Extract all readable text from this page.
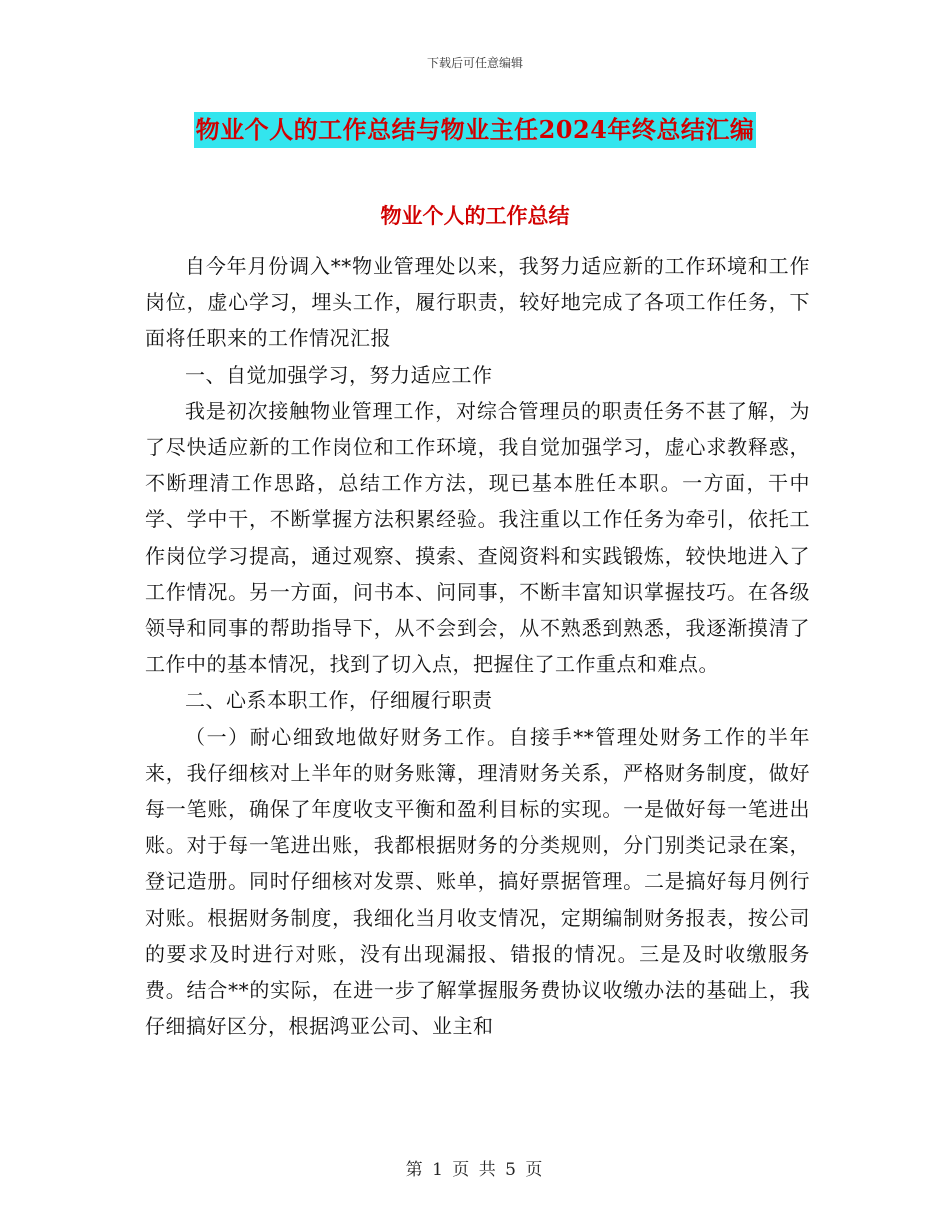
下载后可任意编辑
物业个人的工作总结与物业主任2024年终总结汇编
物业个人的工作总结

自今年月份调入**物业管理处以来，我努力适应新的工作环境和工作岗位，虚心学习，埋头工作，履行职责，较好地完成了各项工作任务，下面将任职来的工作情况汇报

一、自觉加强学习，努力适应工作

我是初次接触物业管理工作，对综合管理员的职责任务不甚了解，为了尽快适应新的工作岗位和工作环境，我自觉加强学习，虚心求教释惑，不断理清工作思路，总结工作方法，现已基本胜任本职。一方面，干中学、学中干，不断掌握方法积累经验。我注重以工作任务为牵引，依托工作岗位学习提高，通过观察、摸索、查阅资料和实践锻炼，较快地进入了工作情况。另一方面，问书本、问同事，不断丰富知识掌握技巧。在各级领导和同事的帮助指导下，从不会到会，从不熟悉到熟悉，我逐渐摸清了工作中的基本情况，找到了切入点，把握住了工作重点和难点。

二、心系本职工作，仔细履行职责

（一）耐心细致地做好财务工作。自接手**管理处财务工作的半年来，我仔细核对上半年的财务账簿，理清财务关系，严格财务制度，做好每一笔账，确保了年度收支平衡和盈利目标的实现。一是做好每一笔进出账。对于每一笔进出账，我都根据财务的分类规则，分门别类记录在案，登记造册。同时仔细核对发票、账单，搞好票据管理。二是搞好每月例行对账。根据财务制度，我细化当月收支情况，定期编制财务报表，按公司的要求及时进行对账，没有出现漏报、错报的情况。三是及时收缴服务费。结合**的实际，在进一步了解掌握服务费协议收缴办法的基础上，我仔细搞好区分，根据鸿亚公司、业主和

第 1 页 共 5 页
